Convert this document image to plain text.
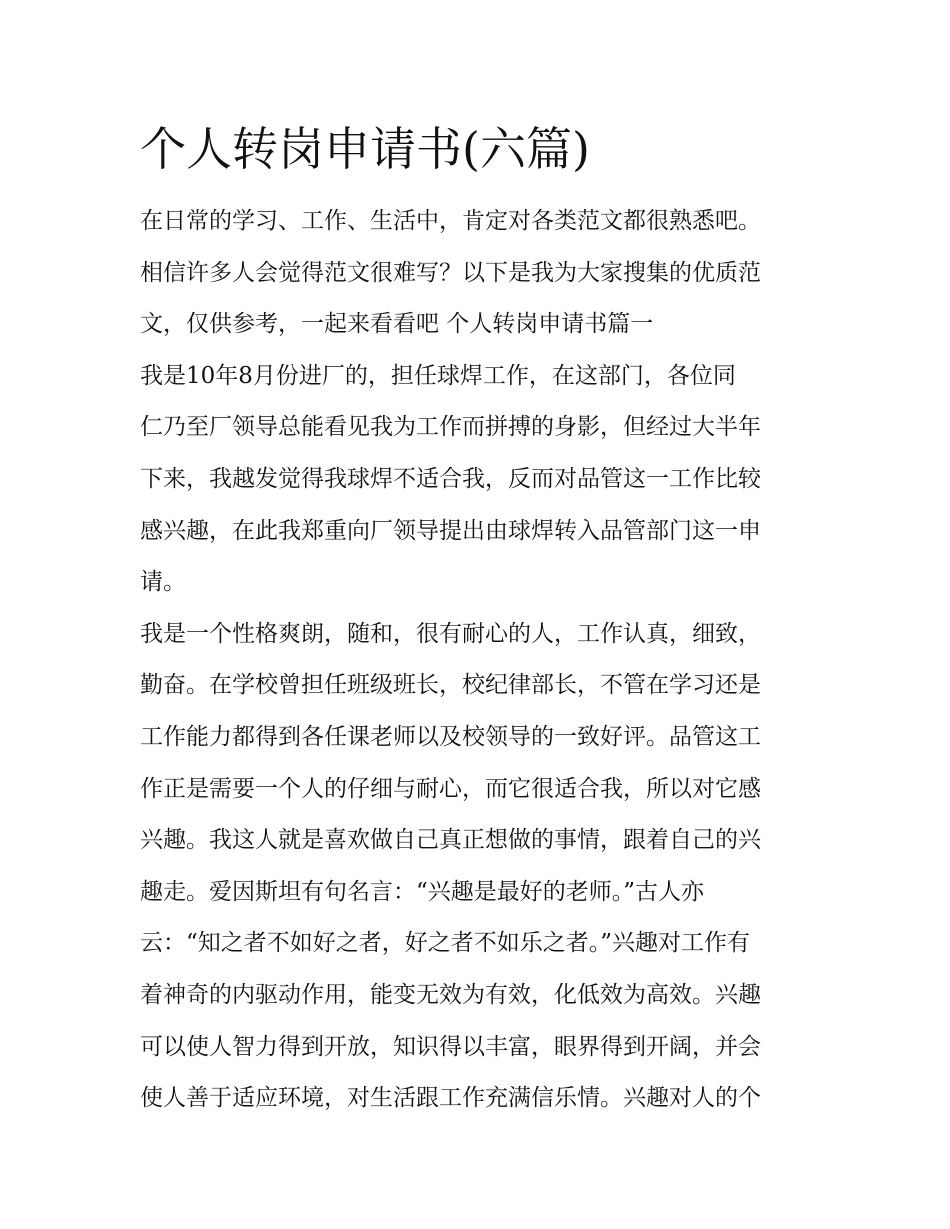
个人转岗申请书(六篇)
在日常的学习、工作、生活中，肯定对各类范文都很熟悉吧。
相信许多人会觉得范文很难写？以下是我为大家搜集的优质范
文，仅供参考，一起来看看吧 个人转岗申请书篇一
我是10年8月份进厂的，担任球焊工作，在这部门，各位同
仁乃至厂领导总能看见我为工作而拼搏的身影，但经过大半年
下来，我越发觉得我球焊不适合我，反而对品管这一工作比较
感兴趣，在此我郑重向厂领导提出由球焊转入品管部门这一申
请。
我是一个性格爽朗，随和，很有耐心的人，工作认真，细致，
勤奋。在学校曾担任班级班长，校纪律部长，不管在学习还是
工作能力都得到各任课老师以及校领导的一致好评。品管这工
作正是需要一个人的仔细与耐心，而它很适合我，所以对它感
兴趣。我这人就是喜欢做自己真正想做的事情，跟着自己的兴
趣走。爱因斯坦有句名言：“兴趣是最好的老师。”古人亦
云：“知之者不如好之者，好之者不如乐之者。”兴趣对工作有
着神奇的内驱动作用，能变无效为有效，化低效为高效。兴趣
可以使人智力得到开放，知识得以丰富，眼界得到开阔，并会
使人善于适应环境，对生活跟工作充满信乐情。兴趣对人的个
